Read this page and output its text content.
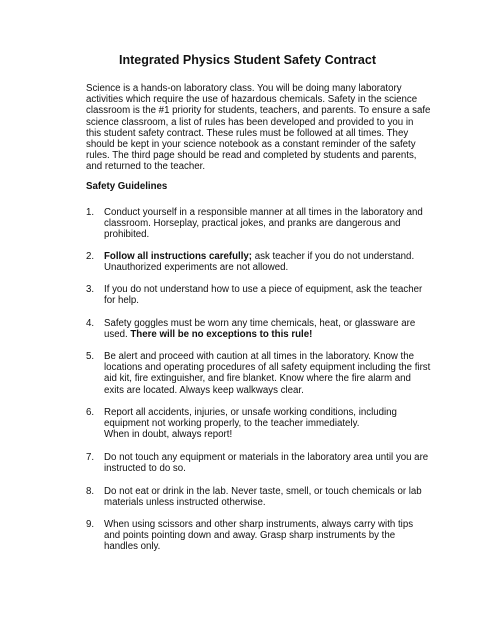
Integrated Physics Student Safety Contract

Science is a hands-on laboratory class. You will be doing many laboratory activities which require the use of hazardous chemicals. Safety in the science classroom is the #1 priority for students, teachers, and parents. To ensure a safe science classroom, a list of rules has been developed and provided to you in this student safety contract. These rules must be followed at all times. They should be kept in your science notebook as a constant reminder of the safety rules. The third page should be read and completed by students and parents, and returned to the teacher.

Safety Guidelines
1.	Conduct yourself in a responsible manner at all times in the laboratory and classroom. Horseplay, practical jokes, and pranks are dangerous and prohibited.
2.	Follow all instructions carefully; ask teacher if you do not understand. Unauthorized experiments are not allowed.
3.	If you do not understand how to use a piece of equipment, ask the teacher for help.
4.	Safety goggles must be worn any time chemicals, heat, or glassware are used. There will be no exceptions to this rule!
5.	Be alert and proceed with caution at all times in the laboratory. Know the locations and operating procedures of all safety equipment including the first aid kit, fire extinguisher, and fire blanket. Know where the fire alarm and exits are located. Always keep walkways clear.
6.	Report all accidents, injuries, or unsafe working conditions, including equipment not working properly, to the teacher immediately.
When in doubt, always report!
7.	Do not touch any equipment or materials in the laboratory area until you are instructed to do so.
8.	Do not eat or drink in the lab. Never taste, smell, or touch chemicals or lab materials unless instructed otherwise.
9.	When using scissors and other sharp instruments, always carry with tips and points pointing down and away. Grasp sharp instruments by the handles only.
